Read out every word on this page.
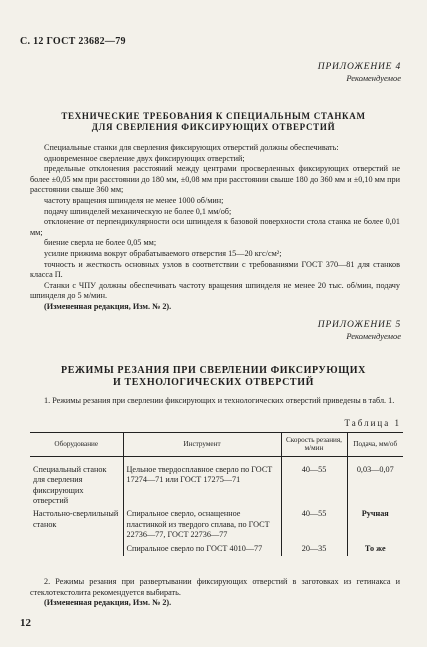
С. 12 ГОСТ 23682—79
ПРИЛОЖЕНИЕ 4
Рекомендуемое
ТЕХНИЧЕСКИЕ ТРЕБОВАНИЯ К СПЕЦИАЛЬНЫМ СТАНКАМ
ДЛЯ СВЕРЛЕНИЯ ФИКСИРУЮЩИХ ОТВЕРСТИЙ

Специальные станки для сверления фиксирующих отверстий должны обеспечивать:

одновременное сверление двух фиксирующих отверстий;

предельные отклонения расстояний между центрами просверленных фиксирующих отверстий не более ±0,05 мм при расстоянии до 180 мм, ±0,08 мм при расстоянии свыше 180 до 360 мм и ±0,10 мм при расстоянии свыше 360 мм;

частоту вращения шпинделя не менее 1000 об/мин;

подачу шпинделей механическую не более 0,1 мм/об;

отклонение от перпендикулярности оси шпинделя к базовой поверхности стола станка не более 0,01 мм;

биение сверла не более 0,05 мм;

усилие прижима вокруг обрабатываемого отверстия 15—20 кгс/см²;

точность и жесткость основных узлов в соответствии с требованиями ГОСТ 370—81 для станков класса П.

Станки с ЧПУ должны обеспечивать частоту вращения шпинделя не менее 20 тыс. об/мин, подачу шпинделя до 5 м/мин.

(Измененная редакция, Изм. № 2).

ПРИЛОЖЕНИЕ 5
Рекомендуемое
РЕЖИМЫ РЕЗАНИЯ ПРИ СВЕРЛЕНИИ ФИКСИРУЮЩИХ
И ТЕХНОЛОГИЧЕСКИХ ОТВЕРСТИЙ

1. Режимы резания при сверлении фиксирующих и технологических отверстий приведены в табл. 1.

Таблица 1
Оборудование	Инструмент	Скорость резания, м/мин	Подача, мм/об
Специальный станок для сверления фиксирующих отверстий	Цельное твердосплавное сверло по ГОСТ 17274—71 или ГОСТ 17275—71	40—55	0,03—0,07
Настольно-сверлильный станок	Спиральное сверло, оснащенное пластинкой из твердого сплава, по ГОСТ 22736—77, ГОСТ 22736—77	40—55	Ручная
	Спиральное сверло по ГОСТ 4010—77	20—35	То же

2. Режимы резания при развертывании фиксирующих отверстий в заготовках из гетинакса и стеклотекстолита рекомендуется выбирать.

(Измененная редакция, Изм. № 2).

12
